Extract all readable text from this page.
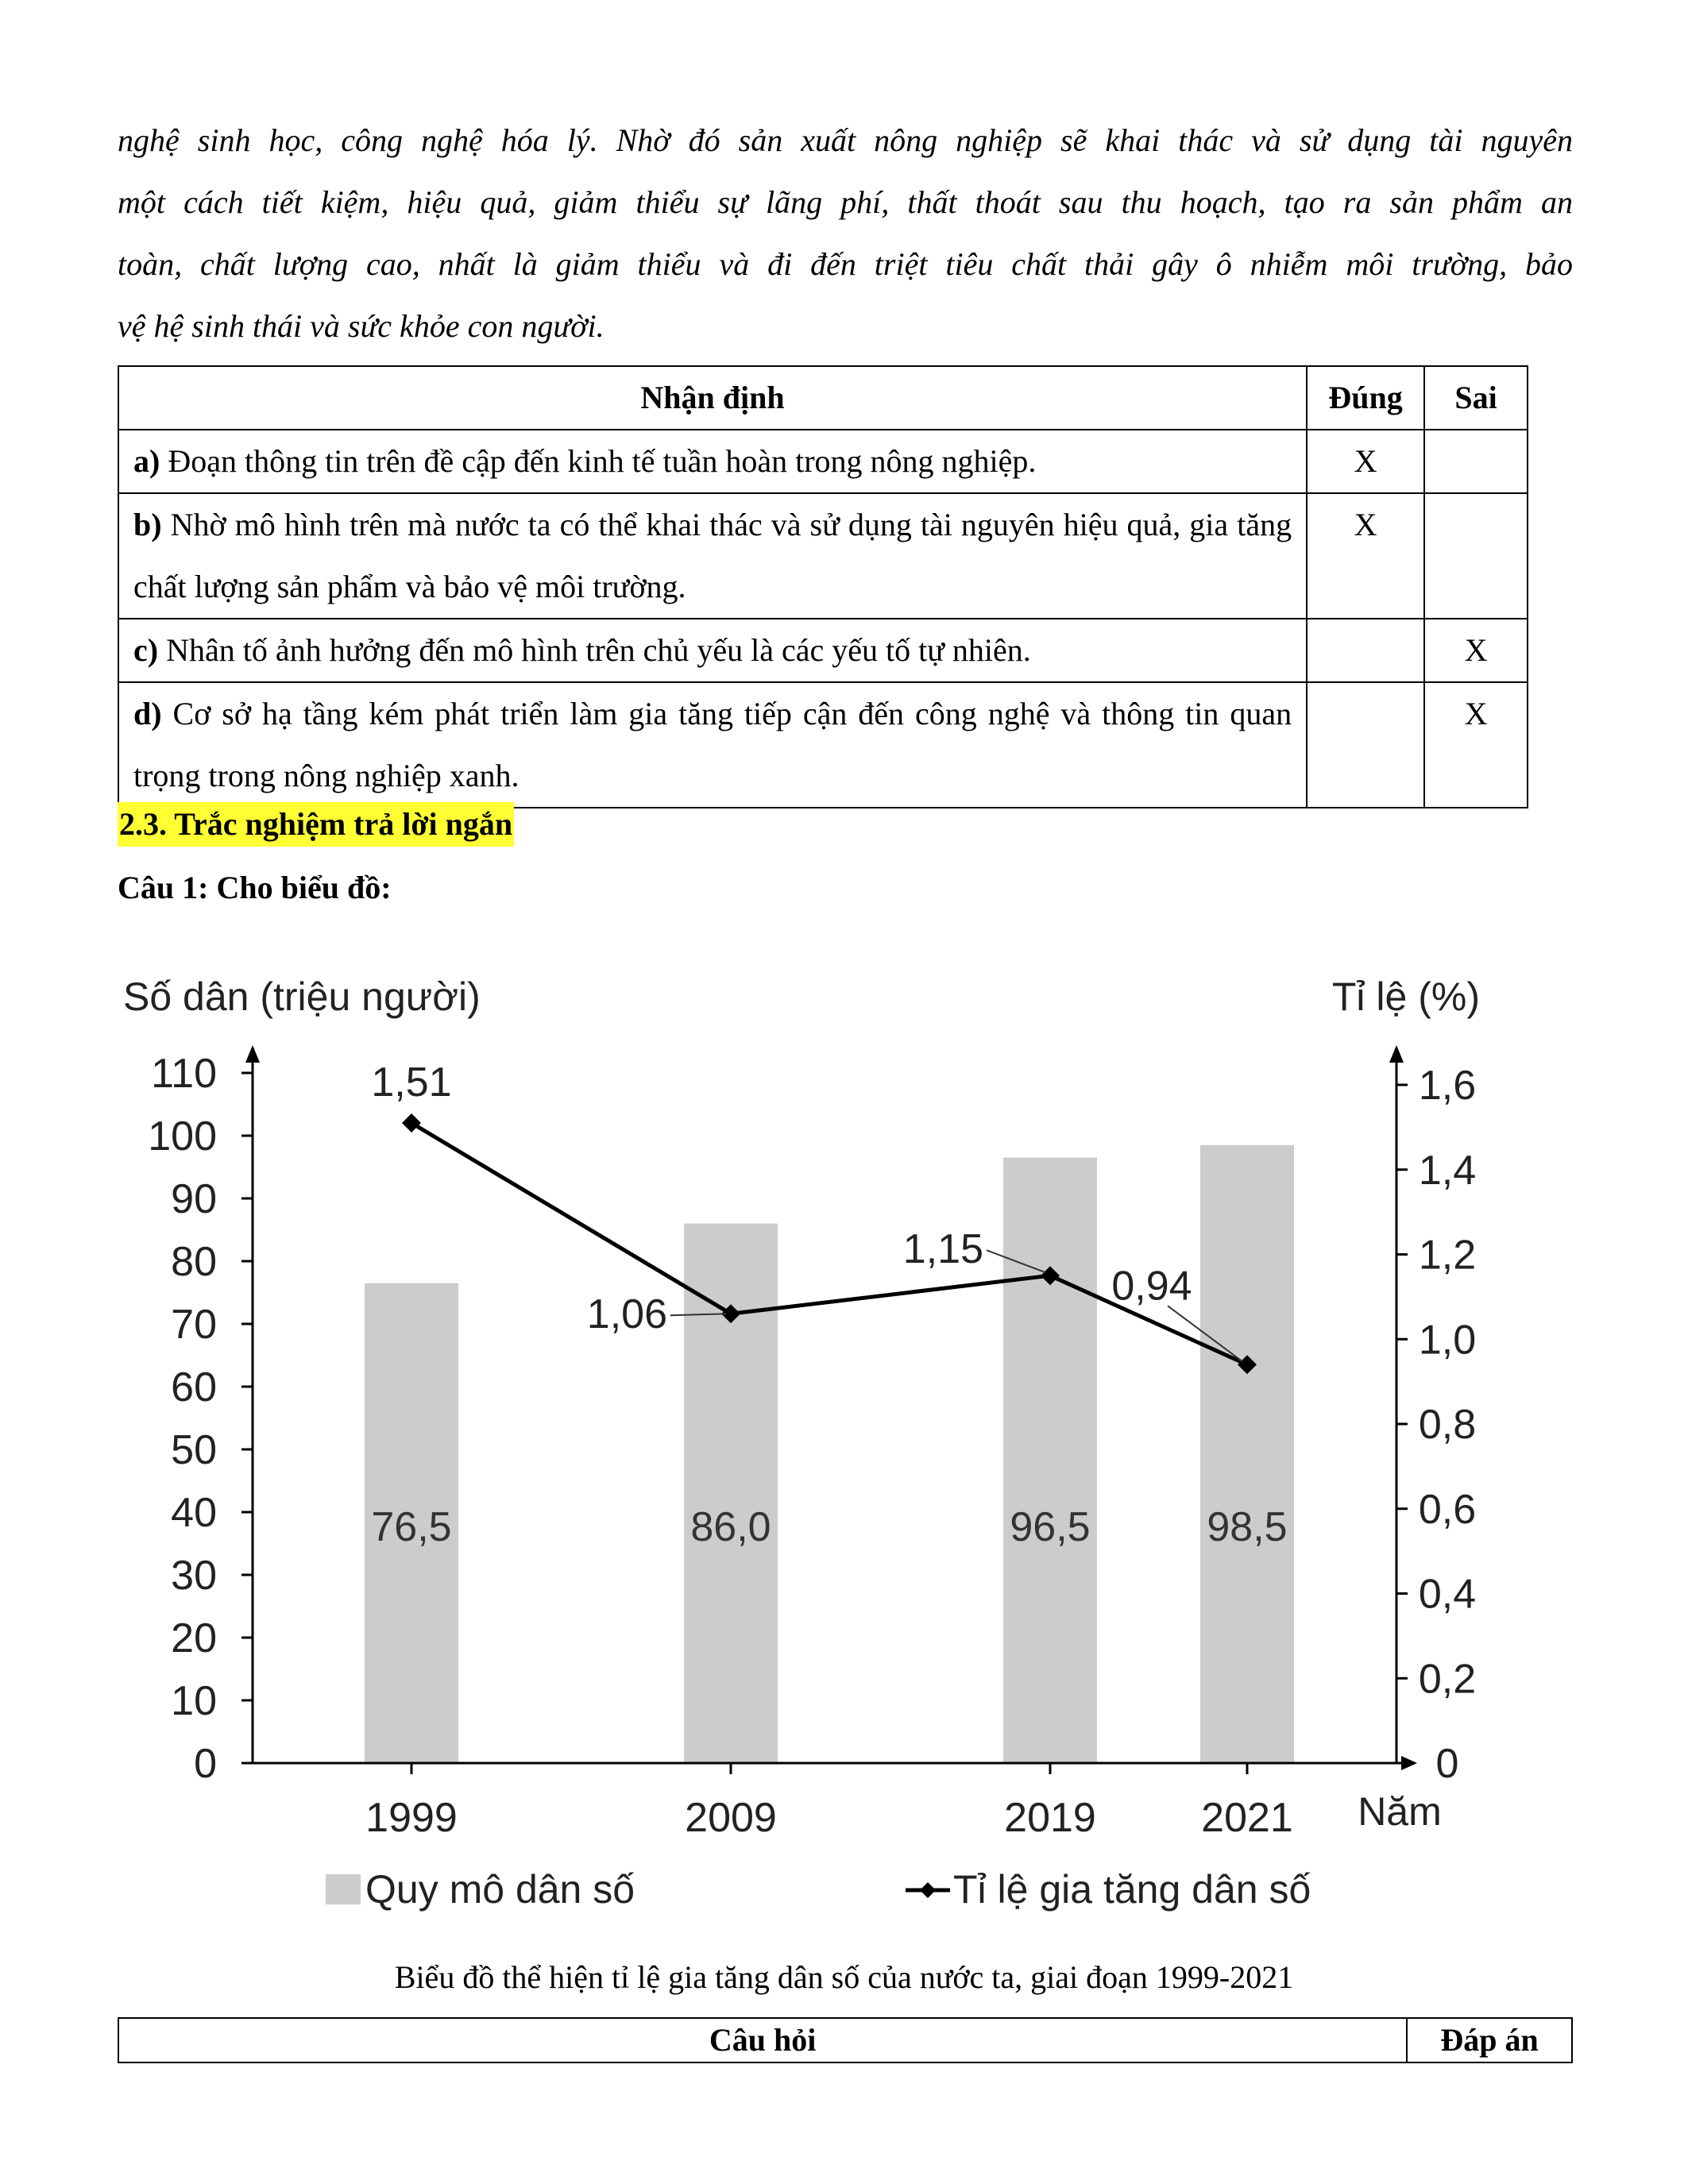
nghệ sinh học, công nghệ hóa lý. Nhờ đó sản xuất nông nghiệp sẽ khai thác và sử dụng tài nguyên
một cách tiết kiệm, hiệu quả, giảm thiểu sự lãng phí, thất thoát sau thu hoạch, tạo ra sản phẩm an
toàn, chất lượng cao, nhất là giảm thiểu và đi đến triệt tiêu chất thải gây ô nhiễm môi trường, bảo
vệ hệ sinh thái và sức khỏe con người.
Nhận định	Đúng	Sai
a) Đoạn thông tin trên đề cập đến kinh tế tuần hoàn trong nông nghiệp.	X	
b) Nhờ mô hình trên mà nước ta có thể khai thác và sử dụng tài nguyên hiệu quả, gia tăng chất lượng sản phẩm và bảo vệ môi trường.	X	
c) Nhân tố ảnh hưởng đến mô hình trên chủ yếu là các yếu tố tự nhiên.		X
d) Cơ sở hạ tầng kém phát triển làm gia tăng tiếp cận đến công nghệ và thông tin quan trọng trong nông nghiệp xanh.		X
2.3. Trắc nghiệm trả lời ngắn
Câu 1: Cho biểu đồ:
0
10
20
30
40
50
60
70
80
90
100
110
0
0,2
0,4
0,6
0,8
1,0
1,2
1,4
1,6
1999	2009	2019	2021
76,5	86,0	96,5	98,5
1,51
1,06
1,15
0,94
Số dân (triệu người)	Tỉ lệ (%)
Năm
Quy mô dân số	Tỉ lệ gia tăng dân số
Biểu đồ thể hiện tỉ lệ gia tăng dân số của nước ta, giai đoạn 1999-2021
Câu hỏi	Đáp án
